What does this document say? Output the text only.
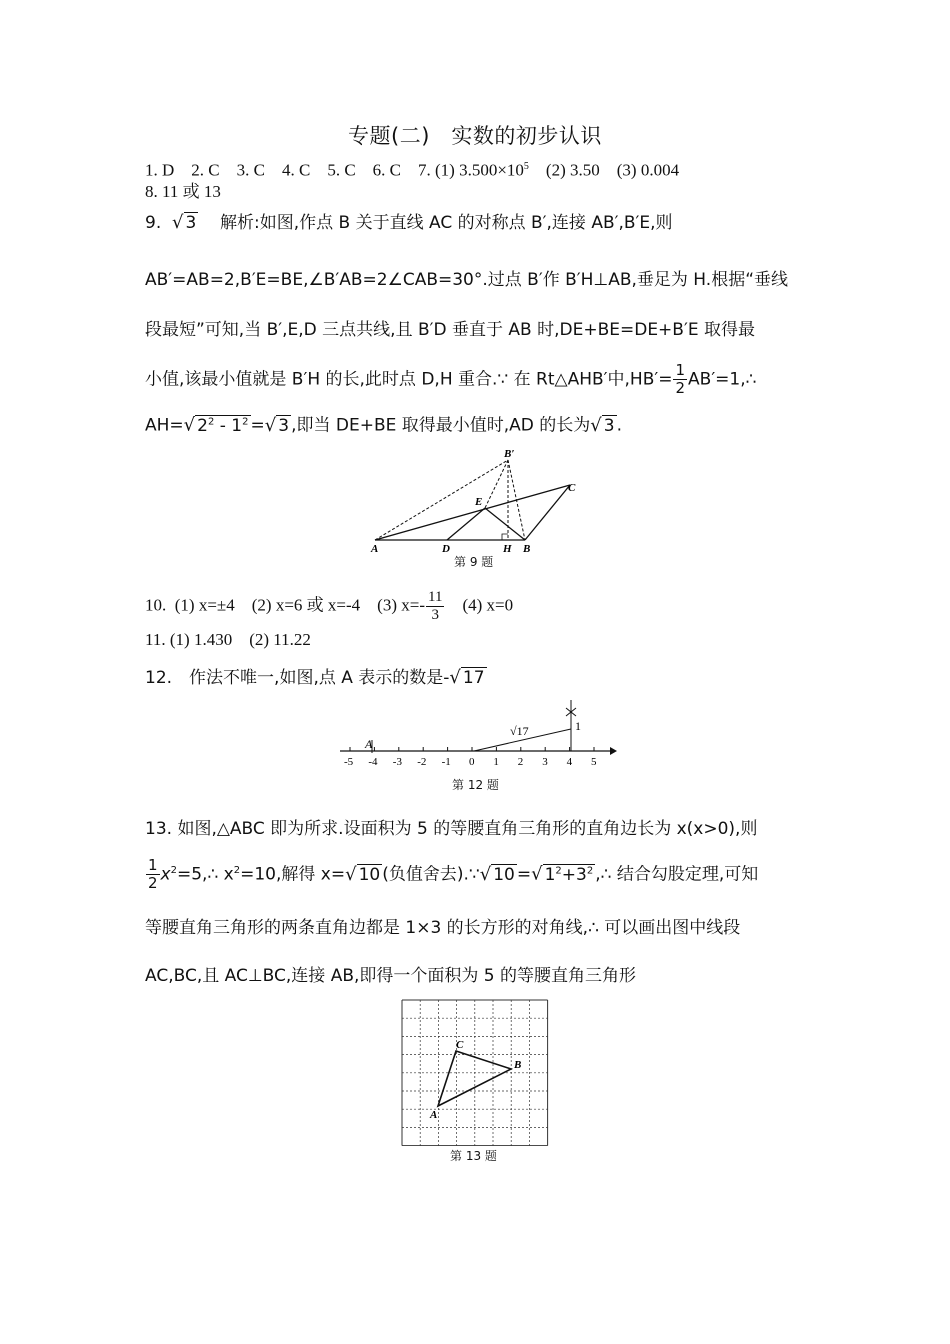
专题(二)　实数的初步认识
1. D 2. C 3. C 4. C 5. C 6. C 7. (1) $3.500\times 10^5$ (2) 3.50 (3) 0.004
8. 11 或 13
9. √ 3 解析:如图,作点 B 关于直线 AC 的对称点 B′,连接 AB′,B′E,则
AB′=AB=2,B′E=BE,∠B′AB=2∠CAB=30°.过点 B′作 B′H⊥AB,垂足为 H.根据“垂线
段最短”可知,当 B′,E,D 三点共线,且 B′D 垂直于 AB 时,DE+BE=DE+B′E 取得最
小值,该最小值就是 B′H 的长,此时点 D,H 重合.∵ 在 Rt△AHB′中$,HB'= \frac{1}{2}$ AB′=1,∴
AH=√ $2^2 - 1^2$ =√ 3 ,即当 DE+BE 取得最小值时,AD 的长为√ 3 .
A	D	H B
E
C
B′
第 9 题
10. (1) x=±4 (2) x=6 或 x=-4 (3) $x=- \frac{11}{3} (4)$ x=0
11. (1) 1.430　(2) 11.22
12.　作法不唯一,如图,点 A 表示的数是-√ 17
-5 -4 -3 -2 -1 0 1 2 3 4 5
A
√17	1
第 12 题
13. 如图,△ABC 即为所求.设面积为 5 的等腰直角三角形的直角边长为 x(x>0),则
$\frac{1}{2}$ $x^2=5,\therefore$ $x^2=10$,解得 x=√ 10 (负值舍去).∵√ 10 =√ $1^2+3^2$ ,∴ 结合勾股定理,可知
等腰直角三角形的两条直角边都是 1×3 的长方形的对角线,∴ 可以画出图中线段
AC,BC,且 AC⊥BC,连接 AB,即得一个面积为 5 的等腰直角三角形
A
C
B
第 13 题
